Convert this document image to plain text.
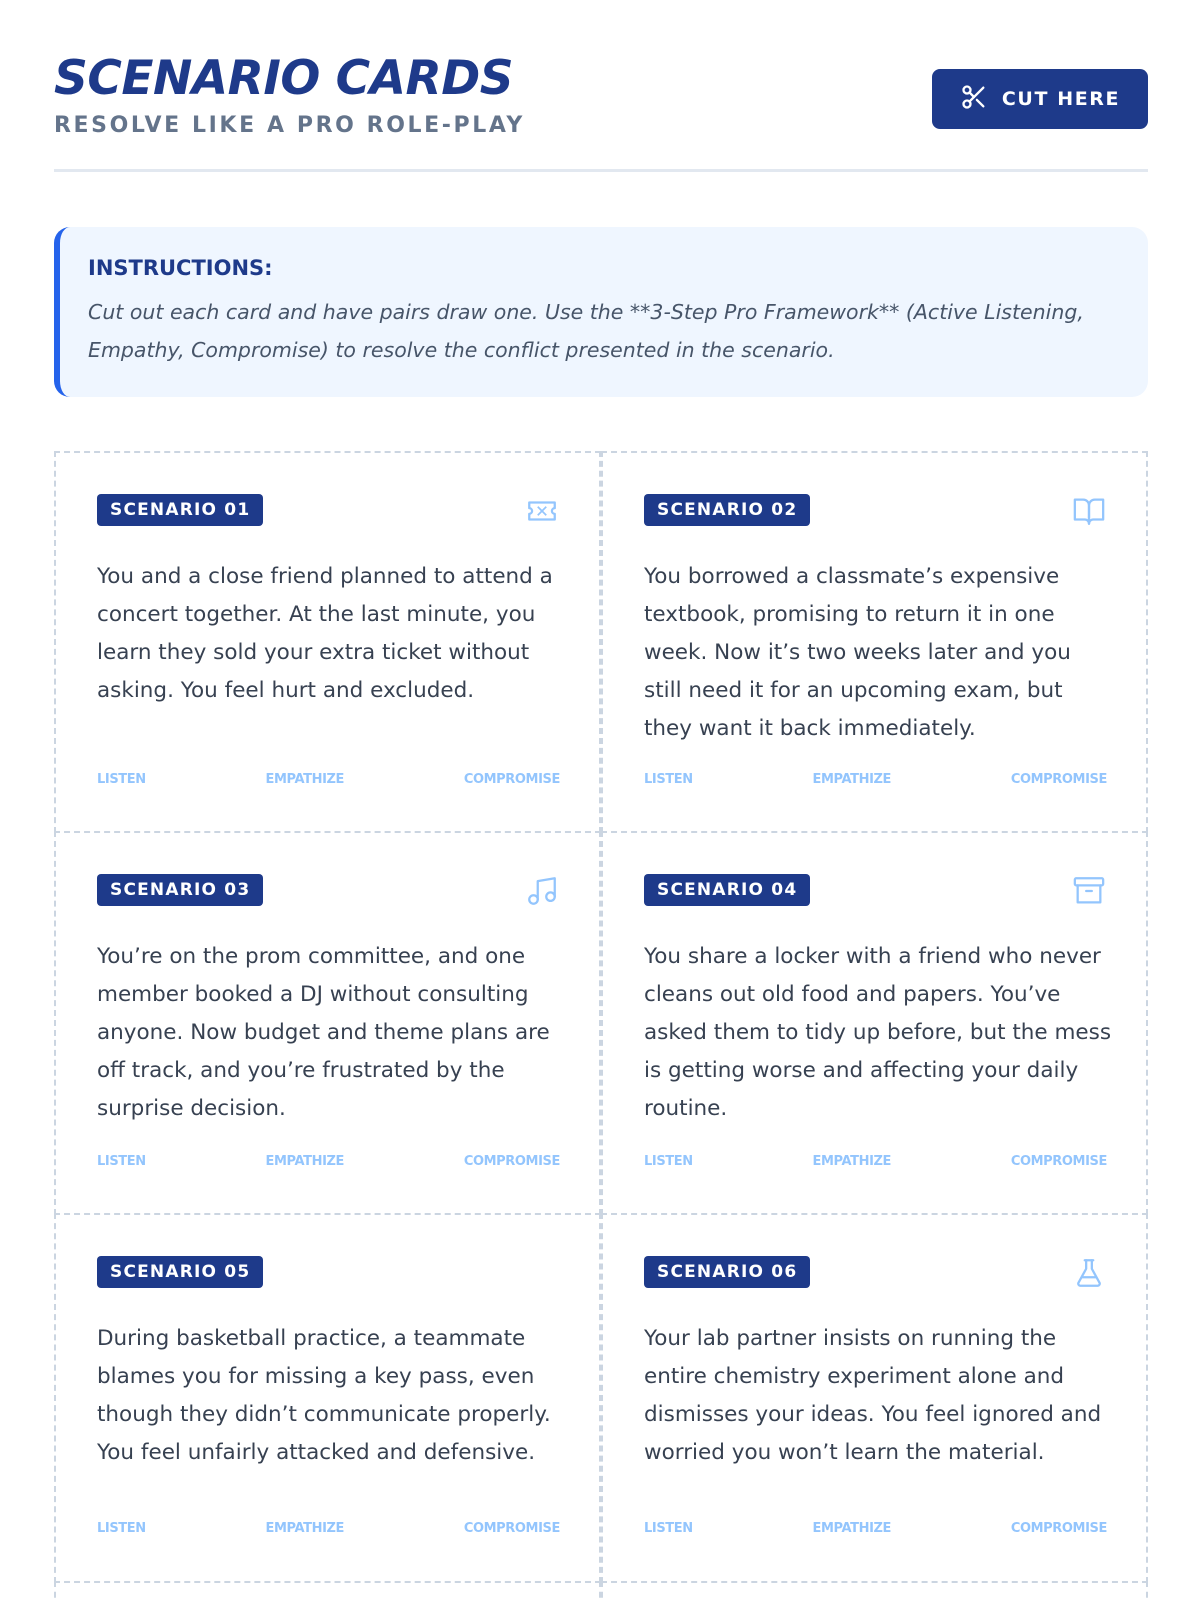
SCENARIO CARDS
RESOLVE LIKE A PRO ROLE-PLAY
CUT HERE
INSTRUCTIONS:

Cut out each card and have pairs draw one. Use the **3-Step Pro Framework** (Active Listening, Empathy, Compromise) to resolve the conflict presented in the scenario.

SCENARIO 01

You and a close friend planned to attend a concert together. At the last minute, you learn they sold your extra ticket without asking. You feel hurt and excluded.

LISTEN	EMPATHIZE	COMPROMISE
SCENARIO 02

You borrowed a classmate’s expensive textbook, promising to return it in one week. Now it’s two weeks later and you still need it for an upcoming exam, but they want it back immediately.

LISTEN	EMPATHIZE	COMPROMISE
SCENARIO 03

You’re on the prom committee, and one member booked a DJ without consulting anyone. Now budget and theme plans are off track, and you’re frustrated by the surprise decision.

LISTEN	EMPATHIZE	COMPROMISE
SCENARIO 04

You share a locker with a friend who never cleans out old food and papers. You’ve asked them to tidy up before, but the mess is getting worse and affecting your daily routine.

LISTEN	EMPATHIZE	COMPROMISE
SCENARIO 05

During basketball practice, a teammate blames you for missing a key pass, even though they didn’t communicate properly. You feel unfairly attacked and defensive.

LISTEN	EMPATHIZE	COMPROMISE
SCENARIO 06

Your lab partner insists on running the entire chemistry experiment alone and dismisses your ideas. You feel ignored and worried you won’t learn the material.

LISTEN	EMPATHIZE	COMPROMISE
